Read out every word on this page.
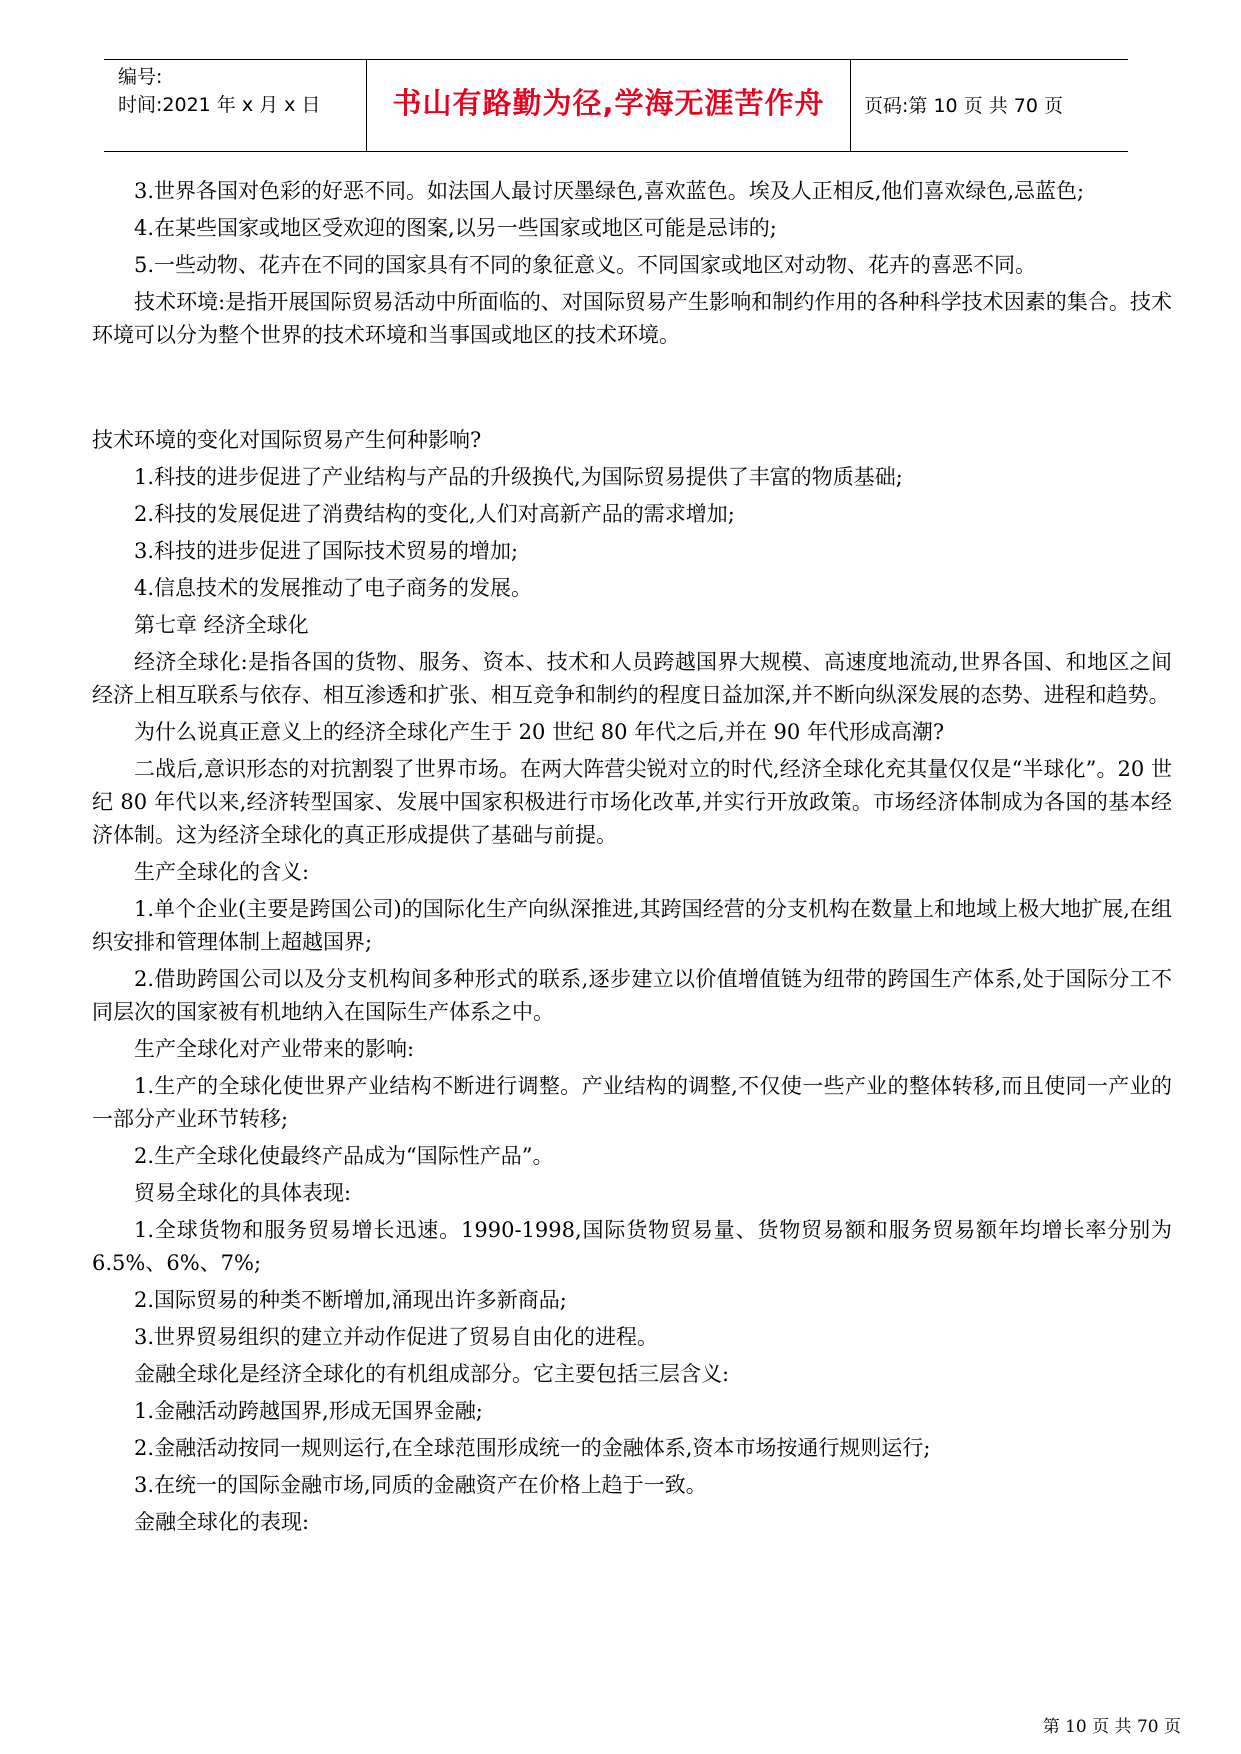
编号:
时间:2021 年 x 月 x 日	书山有路勤为径,学海无涯苦作舟	页码:第 10 页 共 70 页

3.世界各国对色彩的好恶不同。如法国人最讨厌墨绿色,喜欢蓝色。埃及人正相反,他们喜欢绿色,忌蓝色;

4.在某些国家或地区受欢迎的图案,以另一些国家或地区可能是忌讳的;

5.一些动物、花卉在不同的国家具有不同的象征意义。不同国家或地区对动物、花卉的喜恶不同。

技术环境:是指开展国际贸易活动中所面临的、对国际贸易产生影响和制约作用的各种科学技术因素的集合。技术环境可以分为整个世界的技术环境和当事国或地区的技术环境。

技术环境的变化对国际贸易产生何种影响?

1.科技的进步促进了产业结构与产品的升级换代,为国际贸易提供了丰富的物质基础;

2.科技的发展促进了消费结构的变化,人们对高新产品的需求增加;

3.科技的进步促进了国际技术贸易的增加;

4.信息技术的发展推动了电子商务的发展。

第七章 经济全球化

经济全球化:是指各国的货物、服务、资本、技术和人员跨越国界大规模、高速度地流动,世界各国、和地区之间经济上相互联系与依存、相互渗透和扩张、相互竞争和制约的程度日益加深,并不断向纵深发展的态势、进程和趋势。

为什么说真正意义上的经济全球化产生于 20 世纪 80 年代之后,并在 90 年代形成高潮?

二战后,意识形态的对抗割裂了世界市场。在两大阵营尖锐对立的时代,经济全球化充其量仅仅是“半球化”。20 世纪 80 年代以来,经济转型国家、发展中国家积极进行市场化改革,并实行开放政策。市场经济体制成为各国的基本经济体制。这为经济全球化的真正形成提供了基础与前提。

生产全球化的含义:

1.单个企业(主要是跨国公司)的国际化生产向纵深推进,其跨国经营的分支机构在数量上和地域上极大地扩展,在组织安排和管理体制上超越国界;

2.借助跨国公司以及分支机构间多种形式的联系,逐步建立以价值增值链为纽带的跨国生产体系,处于国际分工不同层次的国家被有机地纳入在国际生产体系之中。

生产全球化对产业带来的影响:

1.生产的全球化使世界产业结构不断进行调整。产业结构的调整,不仅使一些产业的整体转移,而且使同一产业的一部分产业环节转移;

2.生产全球化使最终产品成为“国际性产品”。

贸易全球化的具体表现:

1.全球货物和服务贸易增长迅速。1990-1998,国际货物贸易量、货物贸易额和服务贸易额年均增长率分别为 6.5%、6%、7%;

2.国际贸易的种类不断增加,涌现出许多新商品;

3.世界贸易组织的建立并动作促进了贸易自由化的进程。

金融全球化是经济全球化的有机组成部分。它主要包括三层含义:

1.金融活动跨越国界,形成无国界金融;

2.金融活动按同一规则运行,在全球范围形成统一的金融体系,资本市场按通行规则运行;

3.在统一的国际金融市场,同质的金融资产在价格上趋于一致。

金融全球化的表现:

第 10 页 共 70 页
